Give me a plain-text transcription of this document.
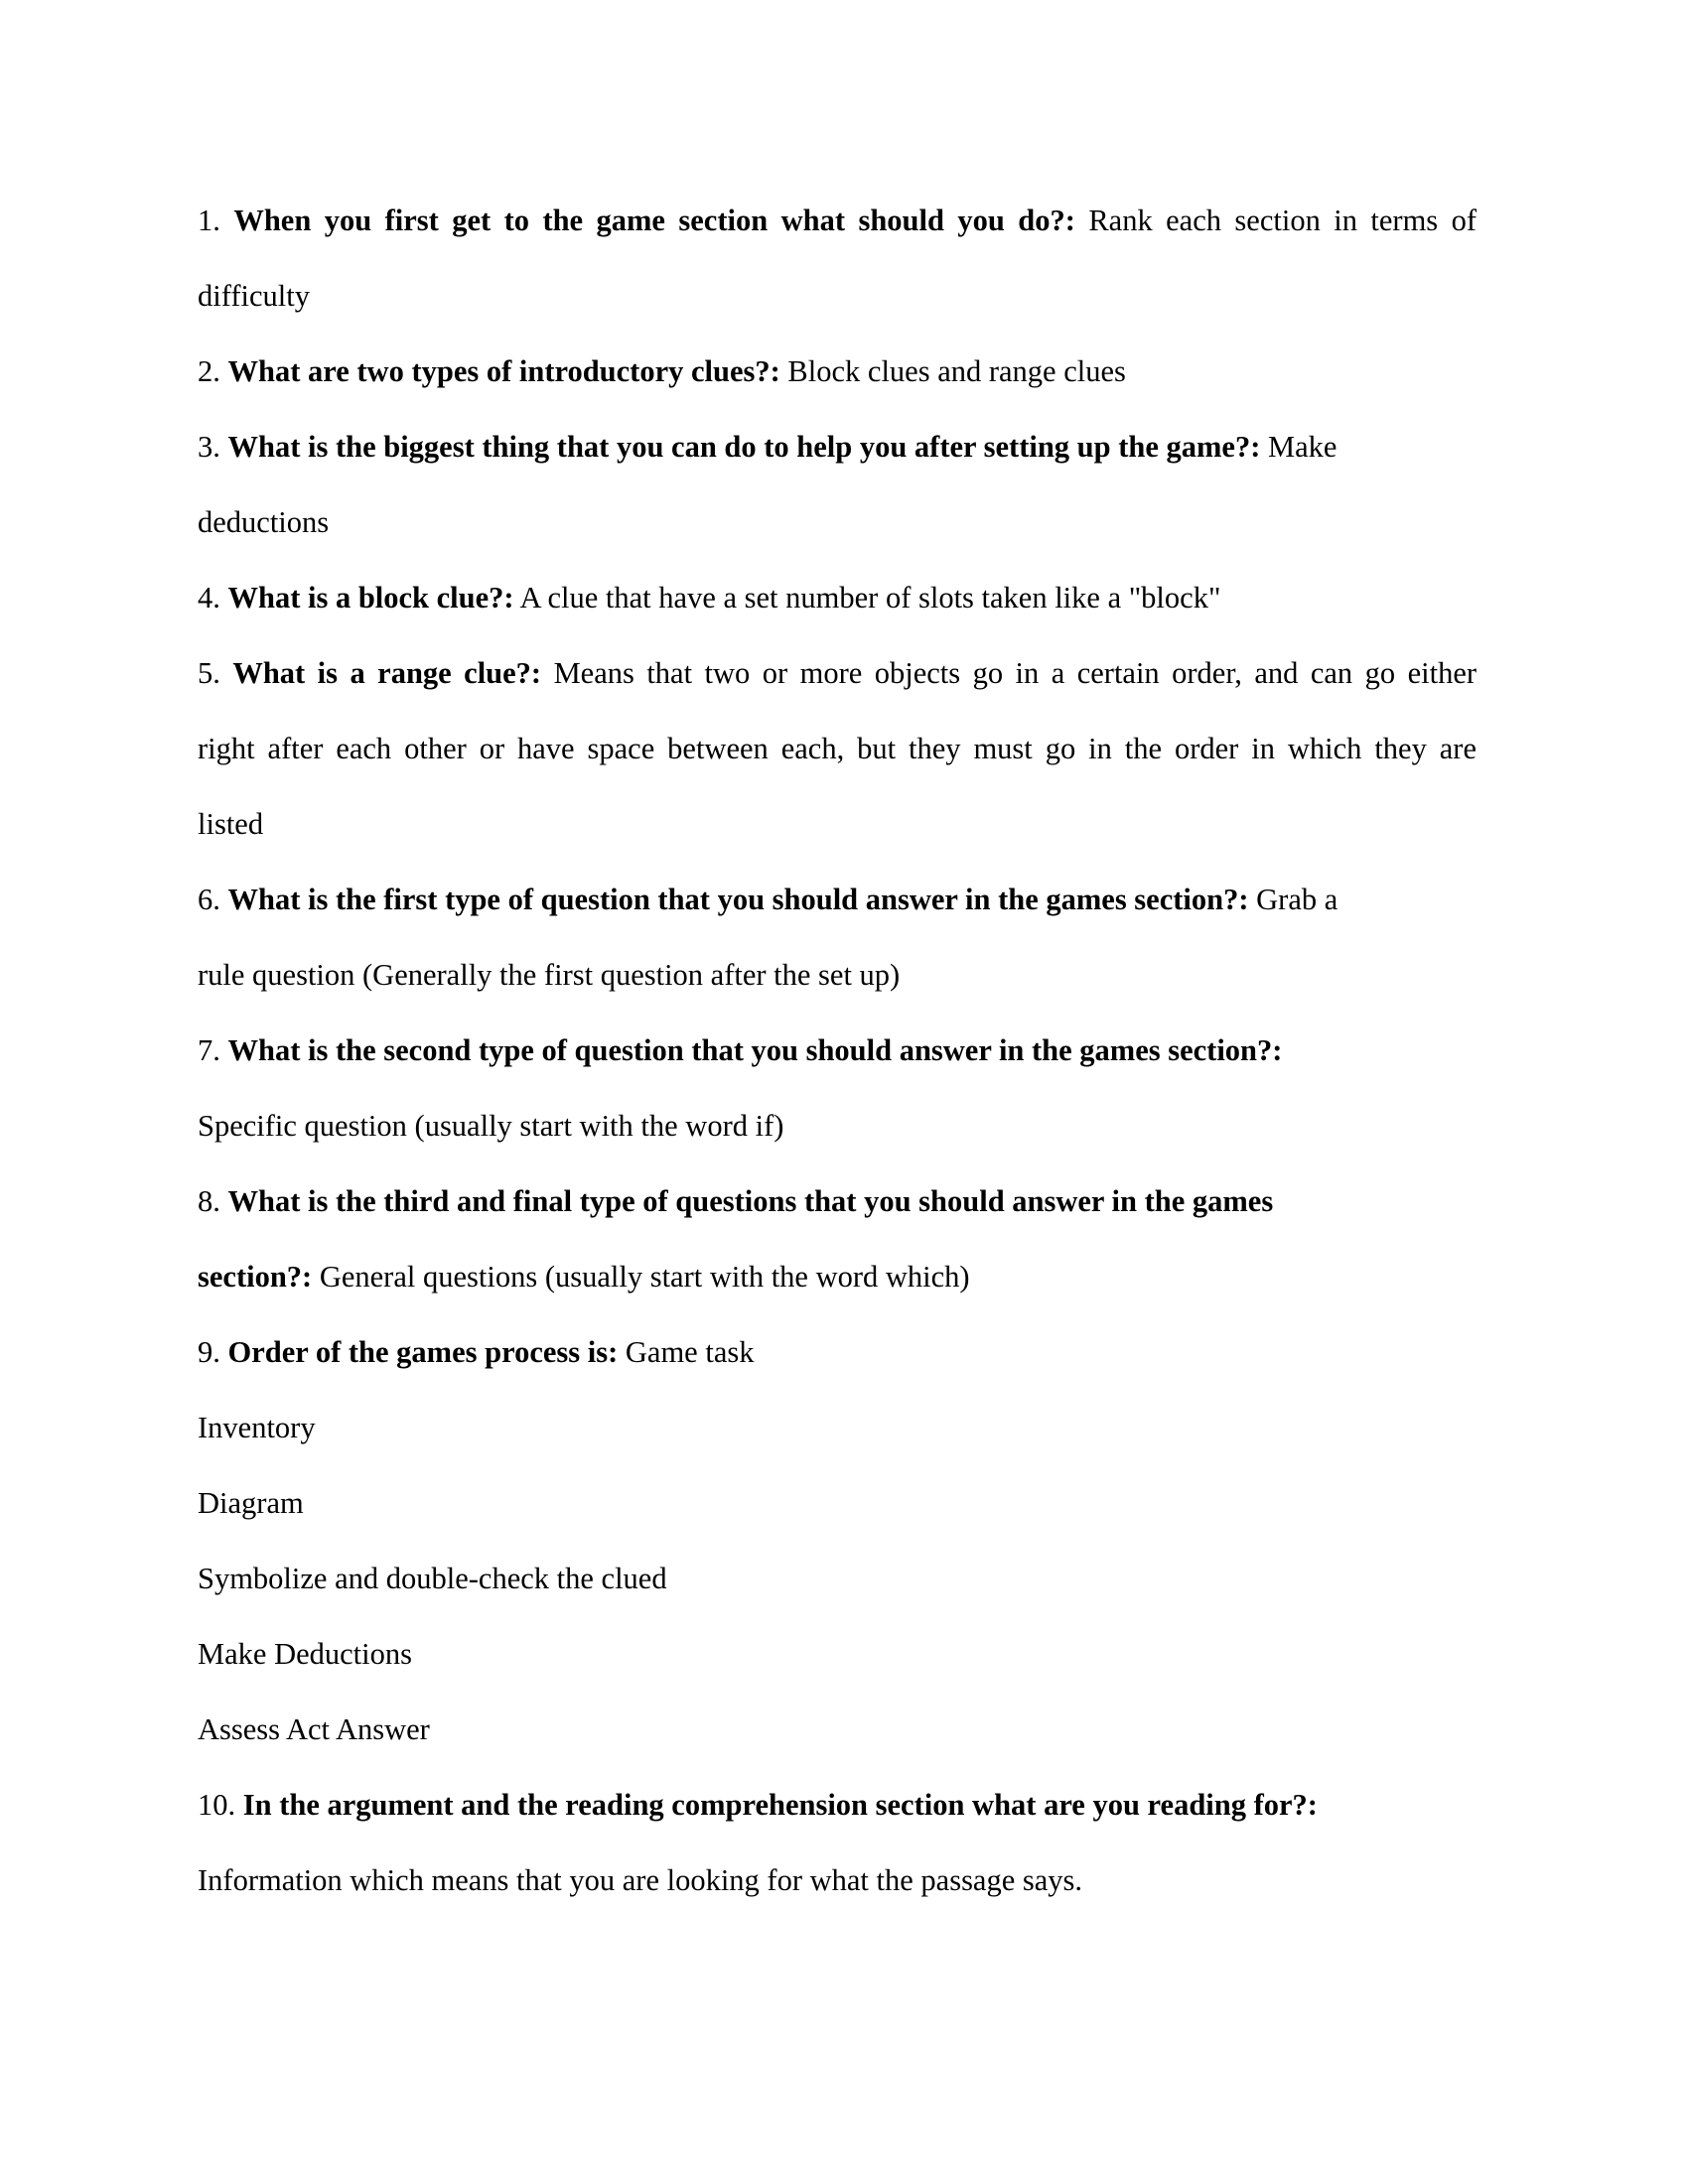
1. When you first get to the game section what should you do?: Rank each section in terms of
difficulty
2. What are two types of introductory clues?: Block clues and range clues
3. What is the biggest thing that you can do to help you after setting up the game?: Make
deductions
4. What is a block clue?: A clue that have a set number of slots taken like a "block"
5. What is a range clue?: Means that two or more objects go in a certain order, and can go either
right after each other or have space between each, but they must go in the order in which they are
listed
6. What is the first type of question that you should answer in the games section?: Grab a
rule question (Generally the first question after the set up)
7. What is the second type of question that you should answer in the games section?:
Specific question (usually start with the word if)
8. What is the third and final type of questions that you should answer in the games
section?: General questions (usually start with the word which)
9. Order of the games process is: Game task
Inventory
Diagram
Symbolize and double-check the clued
Make Deductions
Assess Act Answer
10. In the argument and the reading comprehension section what are you reading for?:
Information which means that you are looking for what the passage says.
